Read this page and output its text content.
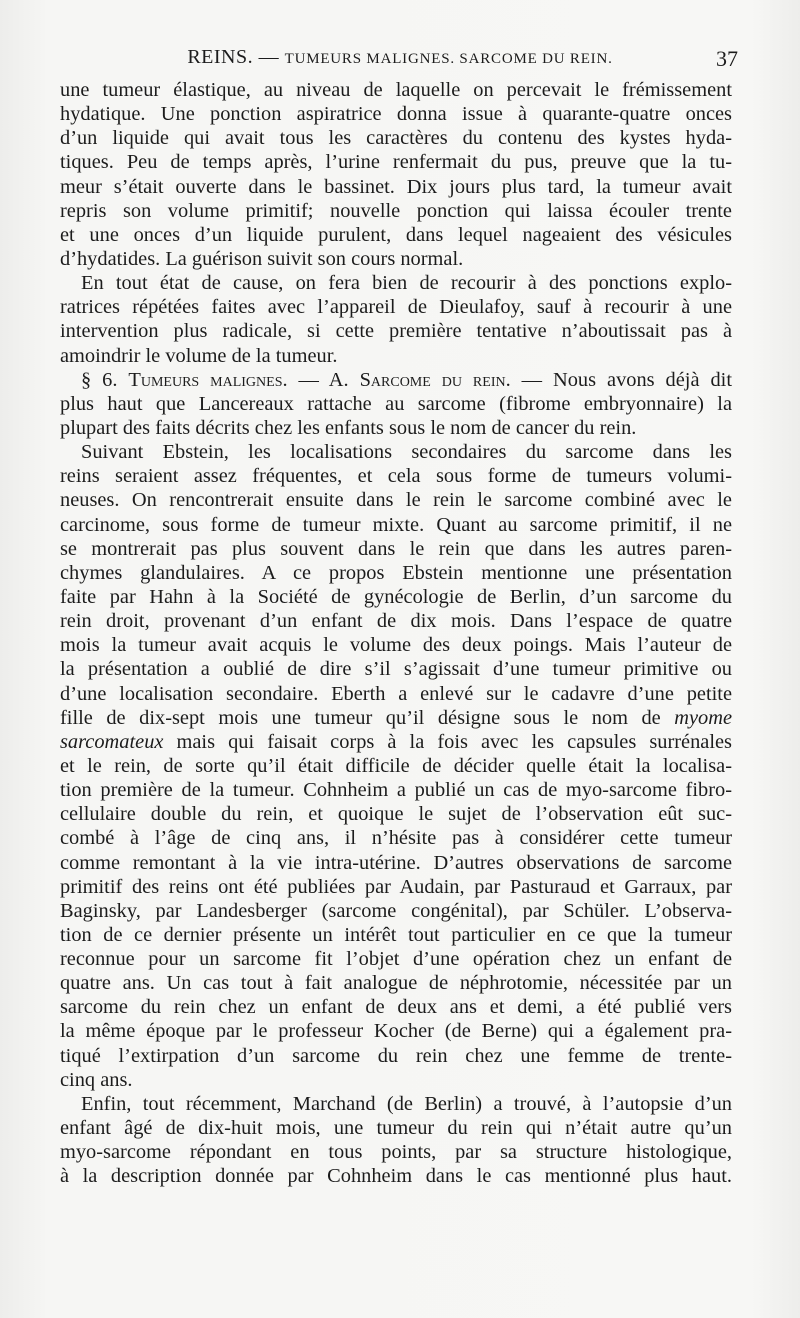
REINS. — TUMEURS MALIGNES. SARCOME DU REIN.	37
une tumeur élastique, au niveau de laquelle on percevait le frémissement
hydatique. Une ponction aspiratrice donna issue à quarante-quatre onces
d’un liquide qui avait tous les caractères du contenu des kystes hyda-
tiques. Peu de temps après, l’urine renfermait du pus, preuve que la tu-
meur s’était ouverte dans le bassinet. Dix jours plus tard, la tumeur avait
repris son volume primitif; nouvelle ponction qui laissa écouler trente
et une onces d’un liquide purulent, dans lequel nageaient des vésicules
d’hydatides. La guérison suivit son cours normal.
En tout état de cause, on fera bien de recourir à des ponctions explo-
ratrices répétées faites avec l’appareil de Dieulafoy, sauf à recourir à une
intervention plus radicale, si cette première tentative n’aboutissait pas à
amoindrir le volume de la tumeur.
§ 6. Tumeurs malignes. — A. Sarcome du rein. — Nous avons déjà dit
plus haut que Lancereaux rattache au sarcome (fibrome embryonnaire) la
plupart des faits décrits chez les enfants sous le nom de cancer du rein.
Suivant Ebstein, les localisations secondaires du sarcome dans les
reins seraient assez fréquentes, et cela sous forme de tumeurs volumi-
neuses. On rencontrerait ensuite dans le rein le sarcome combiné avec le
carcinome, sous forme de tumeur mixte. Quant au sarcome primitif, il ne
se montrerait pas plus souvent dans le rein que dans les autres paren-
chymes glandulaires. A ce propos Ebstein mentionne une présentation
faite par Hahn à la Société de gynécologie de Berlin, d’un sarcome du
rein droit, provenant d’un enfant de dix mois. Dans l’espace de quatre
mois la tumeur avait acquis le volume des deux poings. Mais l’auteur de
la présentation a oublié de dire s’il s’agissait d’une tumeur primitive ou
d’une localisation secondaire. Eberth a enlevé sur le cadavre d’une petite
fille de dix-sept mois une tumeur qu’il désigne sous le nom de myome
sarcomateux mais qui faisait corps à la fois avec les capsules surrénales
et le rein, de sorte qu’il était difficile de décider quelle était la localisa-
tion première de la tumeur. Cohnheim a publié un cas de myo-sarcome fibro-
cellulaire double du rein, et quoique le sujet de l’observation eût suc-
combé à l’âge de cinq ans, il n’hésite pas à considérer cette tumeur
comme remontant à la vie intra-utérine. D’autres observations de sarcome
primitif des reins ont été publiées par Audain, par Pasturaud et Garraux, par
Baginsky, par Landesberger (sarcome congénital), par Schüler. L’observa-
tion de ce dernier présente un intérêt tout particulier en ce que la tumeur
reconnue pour un sarcome fit l’objet d’une opération chez un enfant de
quatre ans. Un cas tout à fait analogue de néphrotomie, nécessitée par un
sarcome du rein chez un enfant de deux ans et demi, a été publié vers
la même époque par le professeur Kocher (de Berne) qui a également pra-
tiqué l’extirpation d’un sarcome du rein chez une femme de trente-
cinq ans.
Enfin, tout récemment, Marchand (de Berlin) a trouvé, à l’autopsie d’un
enfant âgé de dix-huit mois, une tumeur du rein qui n’était autre qu’un
myo-sarcome répondant en tous points, par sa structure histologique,
à la description donnée par Cohnheim dans le cas mentionné plus haut.
